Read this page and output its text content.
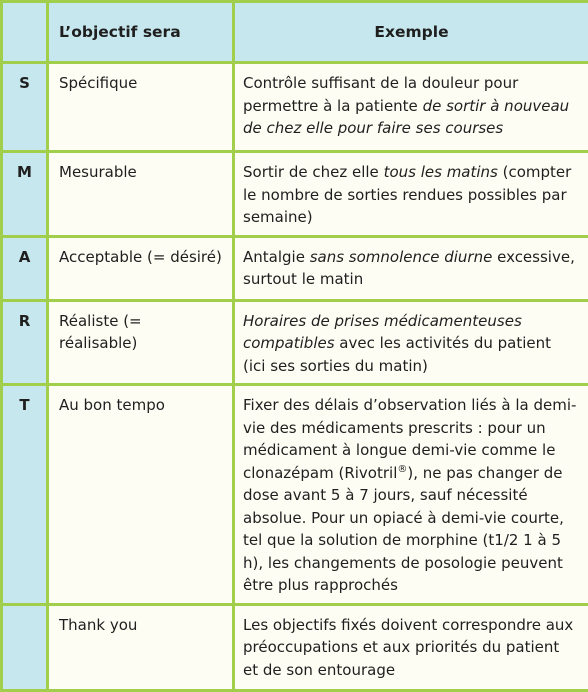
	L’objectif sera	Exemple
S	Spécifique	Contrôle suffisant de la douleur pour permettre à la patiente de sortir à nouveau de chez elle pour faire ses courses
M	Mesurable	Sortir de chez elle tous les matins (compter le nombre de sorties rendues possibles par semaine)
A	Acceptable (= désiré)	Antalgie sans somnolence diurne excessive, surtout le matin
R	Réaliste (= réalisable)	Horaires de prises médicamenteuses compatibles avec les activités du patient (ici ses sorties du matin)
T	Au bon tempo	Fixer des délais d’observation liés à la demi-vie des médicaments prescrits : pour un médicament à longue demi-vie comme le clonazépam (Rivotril®), ne pas changer de dose avant 5 à 7 jours, sauf nécessité absolue. Pour un opiacé à demi-vie courte, tel que la solution de morphine (t1/2 1 à 5 h), les changements de posologie peuvent être plus rapprochés
	Thank you	Les objectifs fixés doivent correspondre aux préoccupations et aux priorités du patient et de son entourage
